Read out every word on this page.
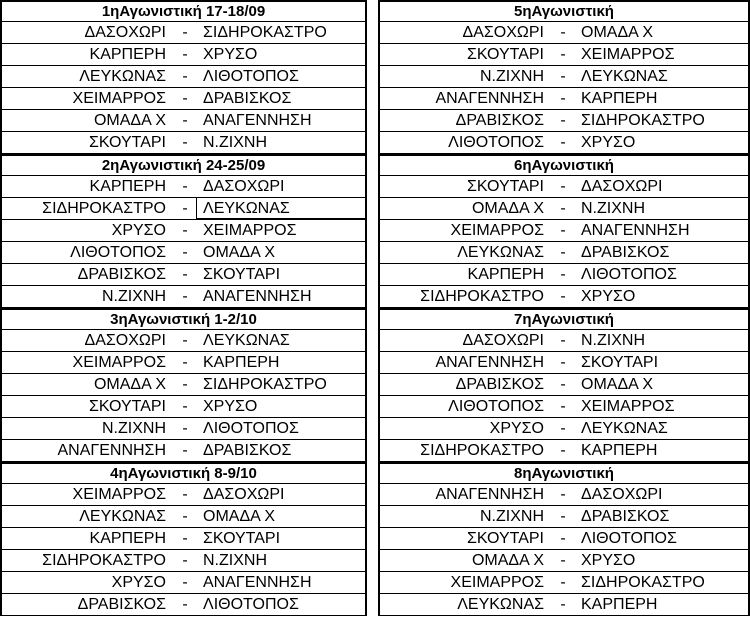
1ηΑγωνιστική 17-18/09
ΔΑΣΟΧΩΡΙ - ΣΙΔΗΡΟΚΑΣΤΡΟ
ΚΑΡΠΕΡΗ - ΧΡΥΣΟ
ΛΕΥΚΩΝΑΣ - ΛΙΘΟΤΟΠΟΣ
ΧΕΙΜΑΡΡΟΣ - ΔΡΑΒΙΣΚΟΣ
ΟΜΑΔΑ Χ - ΑΝΑΓΕΝΝΗΣΗ
ΣΚΟΥΤΑΡΙ - Ν.ΖΙΧΝΗ
2ηΑγωνιστική 24-25/09
ΚΑΡΠΕΡΗ - ΔΑΣΟΧΩΡΙ
ΣΙΔΗΡΟΚΑΣΤΡΟ - ΛΕΥΚΩΝΑΣ
ΧΡΥΣΟ - ΧΕΙΜΑΡΡΟΣ
ΛΙΘΟΤΟΠΟΣ - ΟΜΑΔΑ Χ
ΔΡΑΒΙΣΚΟΣ - ΣΚΟΥΤΑΡΙ
Ν.ΖΙΧΝΗ - ΑΝΑΓΕΝΝΗΣΗ
3ηΑγωνιστική 1-2/10
ΔΑΣΟΧΩΡΙ - ΛΕΥΚΩΝΑΣ
ΧΕΙΜΑΡΡΟΣ - ΚΑΡΠΕΡΗ
ΟΜΑΔΑ Χ - ΣΙΔΗΡΟΚΑΣΤΡΟ
ΣΚΟΥΤΑΡΙ - ΧΡΥΣΟ
Ν.ΖΙΧΝΗ - ΛΙΘΟΤΟΠΟΣ
ΑΝΑΓΕΝΝΗΣΗ - ΔΡΑΒΙΣΚΟΣ
4ηΑγωνιστική 8-9/10
ΧΕΙΜΑΡΡΟΣ - ΔΑΣΟΧΩΡΙ
ΛΕΥΚΩΝΑΣ - ΟΜΑΔΑ Χ
ΚΑΡΠΕΡΗ - ΣΚΟΥΤΑΡΙ
ΣΙΔΗΡΟΚΑΣΤΡΟ - Ν.ΖΙΧΝΗ
ΧΡΥΣΟ - ΑΝΑΓΕΝΝΗΣΗ
ΔΡΑΒΙΣΚΟΣ - ΛΙΘΟΤΟΠΟΣ
5ηΑγωνιστική
ΔΑΣΟΧΩΡΙ - ΟΜΑΔΑ Χ
ΣΚΟΥΤΑΡΙ - ΧΕΙΜΑΡΡΟΣ
Ν.ΖΙΧΝΗ - ΛΕΥΚΩΝΑΣ
ΑΝΑΓΕΝΝΗΣΗ - ΚΑΡΠΕΡΗ
ΔΡΑΒΙΣΚΟΣ - ΣΙΔΗΡΟΚΑΣΤΡΟ
ΛΙΘΟΤΟΠΟΣ - ΧΡΥΣΟ
6ηΑγωνιστική
ΣΚΟΥΤΑΡΙ - ΔΑΣΟΧΩΡΙ
ΟΜΑΔΑ Χ - Ν.ΖΙΧΝΗ
ΧΕΙΜΑΡΡΟΣ - ΑΝΑΓΕΝΝΗΣΗ
ΛΕΥΚΩΝΑΣ - ΔΡΑΒΙΣΚΟΣ
ΚΑΡΠΕΡΗ - ΛΙΘΟΤΟΠΟΣ
ΣΙΔΗΡΟΚΑΣΤΡΟ - ΧΡΥΣΟ
7ηΑγωνιστική
ΔΑΣΟΧΩΡΙ - Ν.ΖΙΧΝΗ
ΑΝΑΓΕΝΝΗΣΗ - ΣΚΟΥΤΑΡΙ
ΔΡΑΒΙΣΚΟΣ - ΟΜΑΔΑ Χ
ΛΙΘΟΤΟΠΟΣ - ΧΕΙΜΑΡΡΟΣ
ΧΡΥΣΟ - ΛΕΥΚΩΝΑΣ
ΣΙΔΗΡΟΚΑΣΤΡΟ - ΚΑΡΠΕΡΗ
8ηΑγωνιστική
ΑΝΑΓΕΝΝΗΣΗ - ΔΑΣΟΧΩΡΙ
Ν.ΖΙΧΝΗ - ΔΡΑΒΙΣΚΟΣ
ΣΚΟΥΤΑΡΙ - ΛΙΘΟΤΟΠΟΣ
ΟΜΑΔΑ Χ - ΧΡΥΣΟ
ΧΕΙΜΑΡΡΟΣ - ΣΙΔΗΡΟΚΑΣΤΡΟ
ΛΕΥΚΩΝΑΣ - ΚΑΡΠΕΡΗ
